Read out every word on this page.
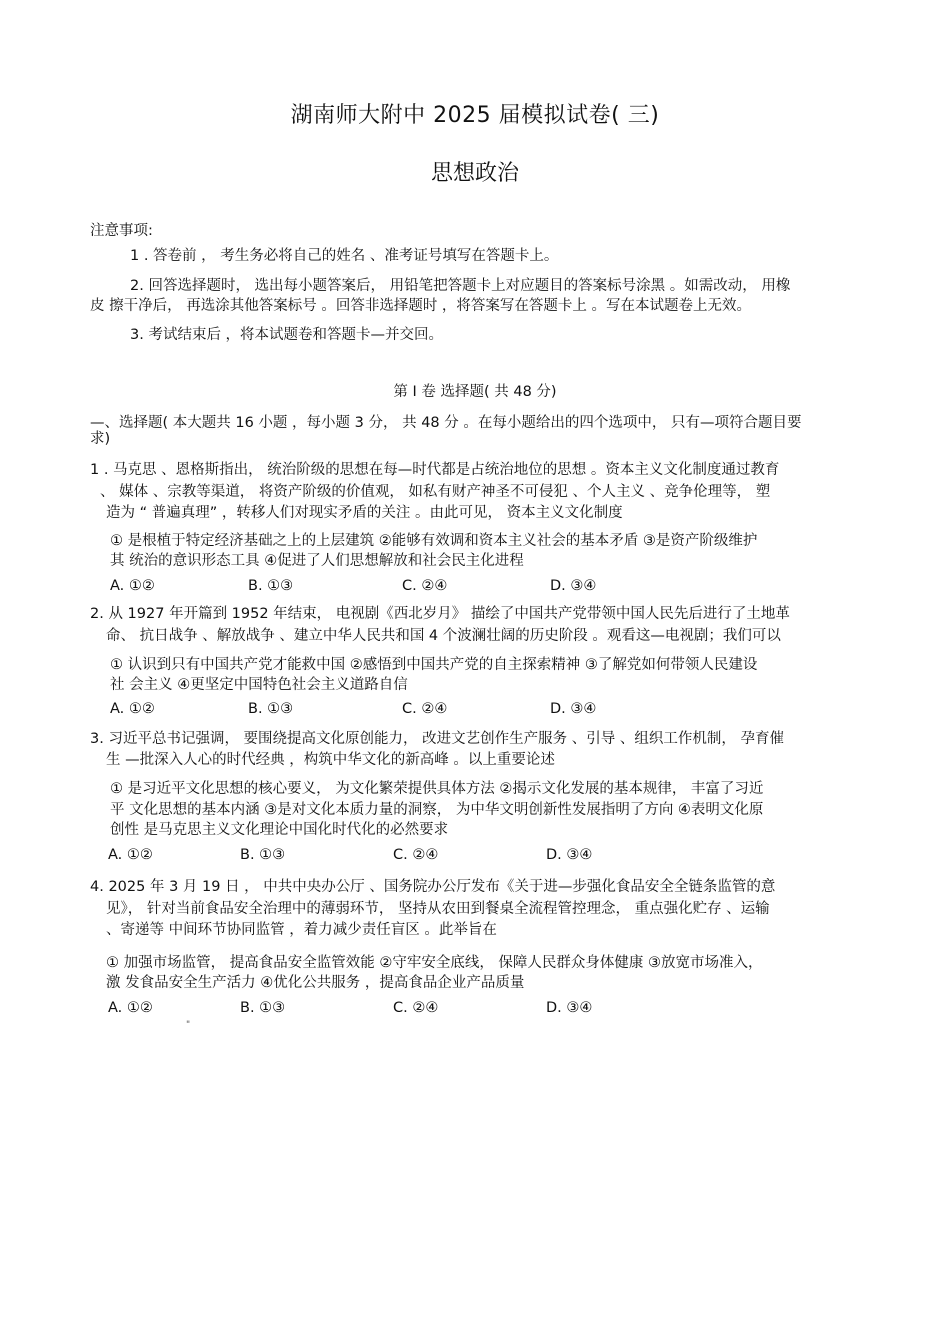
湖南师大附中 2025 届模拟试卷( 三)
思想政治
注意事项:
1 . 答卷前 ， 考生务必将自己的姓名 、准考证号填写在答题卡上。
2. 回答选择题时， 选出每小题答案后， 用铅笔把答题卡上对应题目的答案标号涂黑 。如需改动， 用橡
皮 擦干净后， 再选涂其他答案标号 。回答非选择题时 ，将答案写在答题卡上 。写在本试题卷上无效。
3. 考试结束后 ，将本试题卷和答题卡—并交回。
第 Ⅰ 卷 选择题( 共 48 分)
—、选择题( 本大题共 16 小题 ，每小题 3 分， 共 48 分 。在每小题给出的四个选项中， 只有—项符合题目要
求)
1 . 马克思 、恩格斯指出， 统治阶级的思想在每—时代都是占统治地位的思想 。资本主义文化制度通过教育
、 媒体 、宗教等渠道， 将资产阶级的价值观， 如私有财产神圣不可侵犯 、个人主义 、竞争伦理等， 塑
造为 “ 普遍真理” ，转移人们对现实矛盾的关注 。由此可见， 资本主义文化制度
① 是根植于特定经济基础之上的上层建筑 ②能够有效调和资本主义社会的基本矛盾 ③是资产阶级维护
其 统治的意识形态工具 ④促进了人们思想解放和社会民主化进程
A. ①②	B. ①③	C. ②④	D. ③④
2. 从 1927 年开篇到 1952 年结束， 电视剧《西北岁月》 描绘了中国共产党带领中国人民先后进行了土地革
命、 抗日战争 、解放战争 、建立中华人民共和国 4 个波澜壮阔的历史阶段 。观看这—电视剧；我们可以
① 认识到只有中国共产党才能救中国 ②感悟到中国共产党的自主探索精神 ③了解党如何带领人民建设
社 会主义 ④更坚定中国特色社会主义道路自信
A. ①②	B. ①③	C. ②④	D. ③④
3. 习近平总书记强调， 要围绕提高文化原创能力， 改进文艺创作生产服务 、引导 、组织工作机制， 孕育催
生 —批深入人心的时代经典 ，构筑中华文化的新高峰 。以上重要论述
① 是习近平文化思想的核心要义， 为文化繁荣提供具体方法 ②揭示文化发展的基本规律， 丰富了习近
平 文化思想的基本内涵 ③是对文化本质力量的洞察， 为中华文明创新性发展指明了方向 ④表明文化原
创性 是马克思主义文化理论中国化时代化的必然要求
A. ①②	B. ①③	C. ②④	D. ③④
4. 2025 年 3 月 19 日 ， 中共中央办公厅 、国务院办公厅发布《关于进—步强化食品安全全链条监管的意
见》， 针对当前食品安全治理中的薄弱环节， 坚持从农田到餐桌全流程管控理念， 重点强化贮存 、运输
、寄递等 中间环节协同监管 ，着力减少责任盲区 。此举旨在
① 加强市场监管， 提高食品安全监管效能 ②守牢安全底线， 保障人民群众身体健康 ③放宽市场准入，
激 发食品安全生产活力 ④优化公共服务 ，提高食品企业产品质量
A. ①②	B. ①③	C. ②④	D. ③④
"
